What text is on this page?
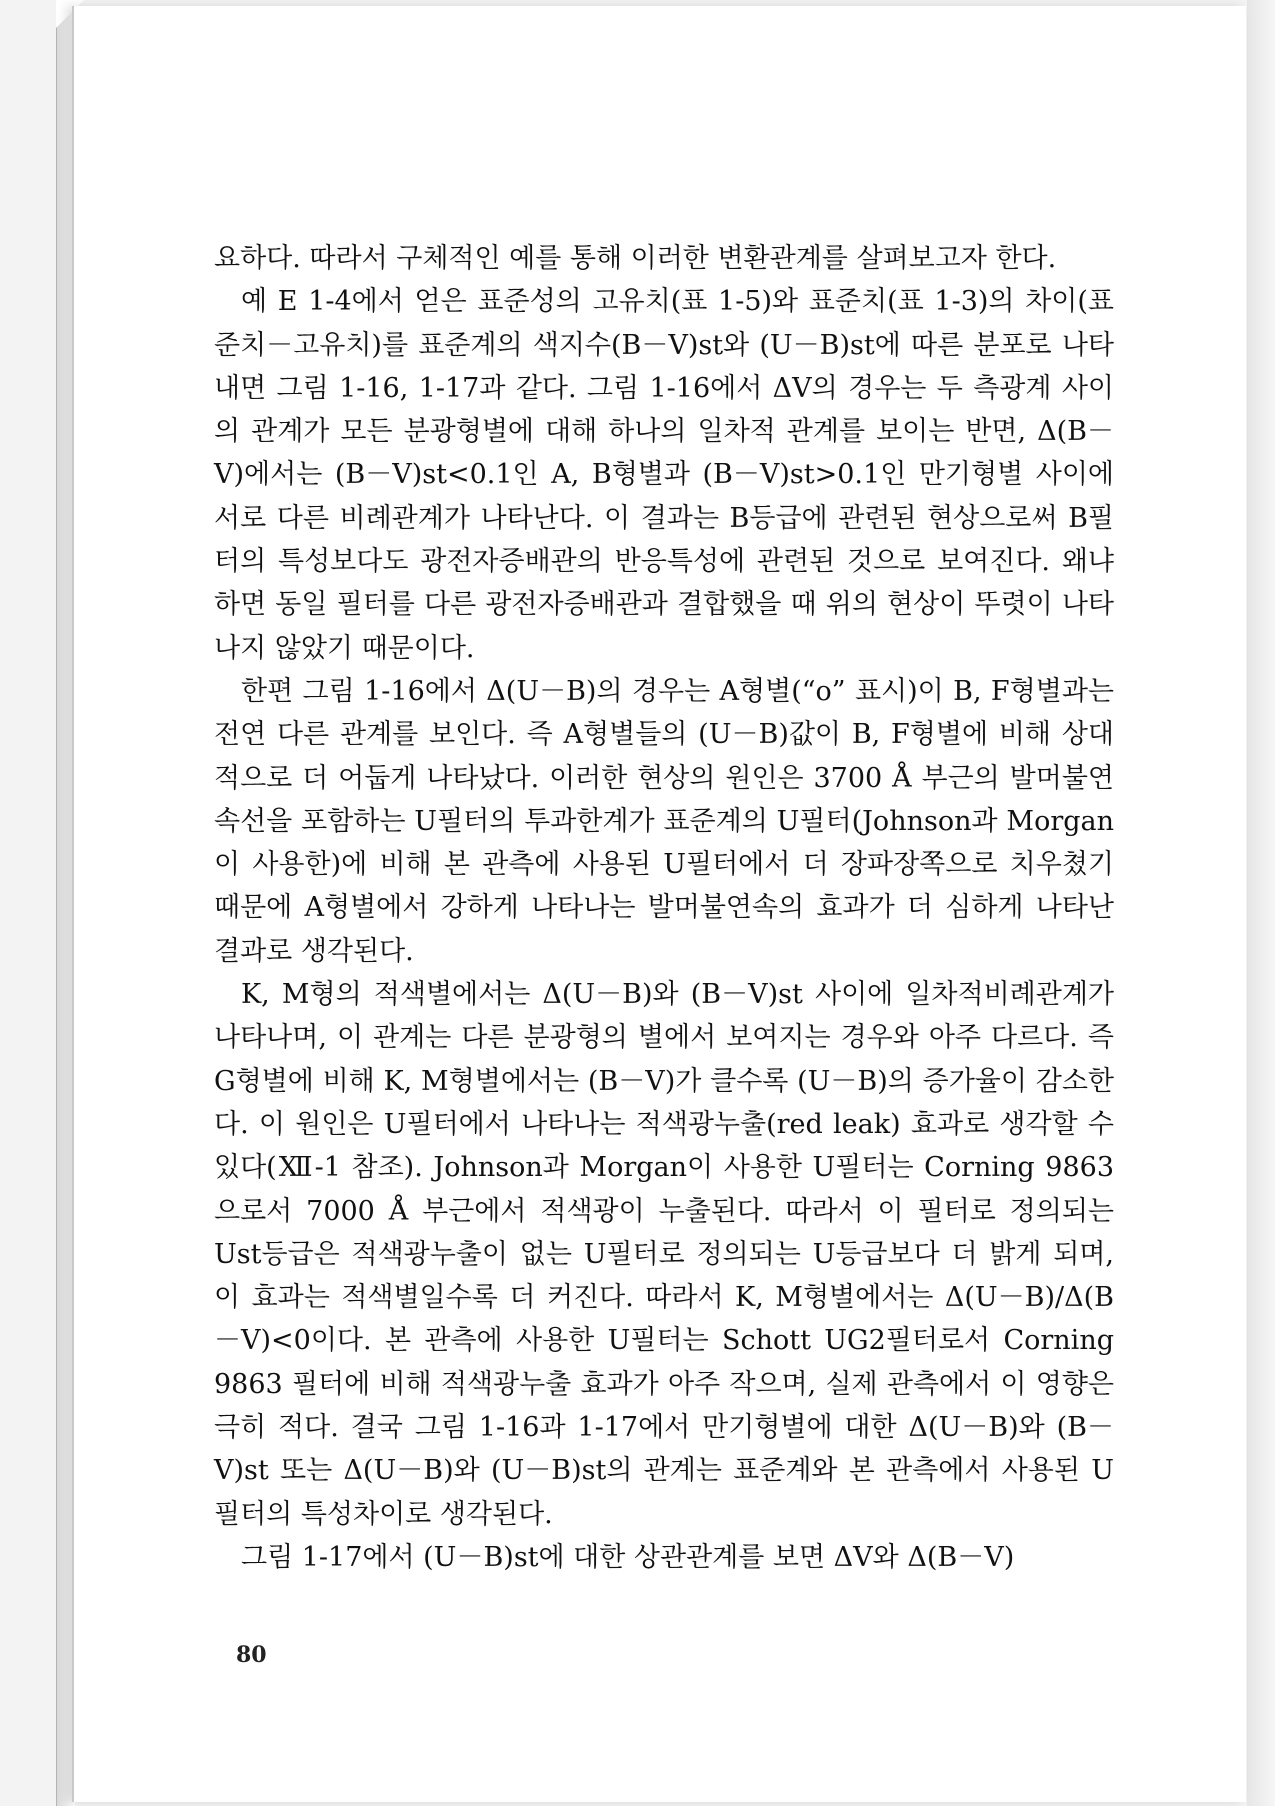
요하다. 따라서 구체적인 예를 통해 이러한 변환관계를 살펴보고자 한다.

예 E 1-4에서 얻은 표준성의 고유치(표 1-5)와 표준치(표 1-3)의 차이(표준치－고유치)를 표준계의 색지수(B－V)st와 (U－B)st에 따른 분포로 나타내면 그림 1-16, 1-17과 같다. 그림 1-16에서 ΔV의 경우는 두 측광계 사이의 관계가 모든 분광형별에 대해 하나의 일차적 관계를 보이는 반면, Δ(B－V)에서는 (B－V)st<0.1인 A, B형별과 (B－V)st>0.1인 만기형별 사이에 서로 다른 비례관계가 나타난다. 이 결과는 B등급에 관련된 현상으로써 B필터의 특성보다도 광전자증배관의 반응특성에 관련된 것으로 보여진다. 왜냐하면 동일 필터를 다른 광전자증배관과 결합했을 때 위의 현상이 뚜렷이 나타나지 않았기 때문이다.

한편 그림 1-16에서 Δ(U－B)의 경우는 A형별(“o” 표시)이 B, F형별과는 전연 다른 관계를 보인다. 즉 A형별들의 (U－B)값이 B, F형별에 비해 상대적으로 더 어둡게 나타났다. 이러한 현상의 원인은 3700 Å 부근의 발머불연속선을 포함하는 U필터의 투과한계가 표준계의 U필터(Johnson과 Morgan이 사용한)에 비해 본 관측에 사용된 U필터에서 더 장파장쪽으로 치우쳤기 때문에 A형별에서 강하게 나타나는 발머불연속의 효과가 더 심하게 나타난 결과로 생각된다.

K, M형의 적색별에서는 Δ(U－B)와 (B－V)st 사이에 일차적비례관계가 나타나며, 이 관계는 다른 분광형의 별에서 보여지는 경우와 아주 다르다. 즉 G형별에 비해 K, M형별에서는 (B－V)가 클수록 (U－B)의 증가율이 감소한다. 이 원인은 U필터에서 나타나는 적색광누출(red leak) 효과로 생각할 수 있다(Ⅻ-1 참조). Johnson과 Morgan이 사용한 U필터는 Corning 9863으로서 7000 Å 부근에서 적색광이 누출된다. 따라서 이 필터로 정의되는 Ust등급은 적색광누출이 없는 U필터로 정의되는 U등급보다 더 밝게 되며, 이 효과는 적색별일수록 더 커진다. 따라서 K, M형별에서는 Δ(U－B)/Δ(B－V)<0이다. 본 관측에 사용한 U필터는 Schott UG2필터로서 Corning 9863 필터에 비해 적색광누출 효과가 아주 작으며, 실제 관측에서 이 영향은 극히 적다. 결국 그림 1-16과 1-17에서 만기형별에 대한 Δ(U－B)와 (B－V)st 또는 Δ(U－B)와 (U－B)st의 관계는 표준계와 본 관측에서 사용된 U필터의 특성차이로 생각된다.

그림 1-17에서 (U－B)st에 대한 상관관계를 보면 ΔV와 Δ(B－V)

80
